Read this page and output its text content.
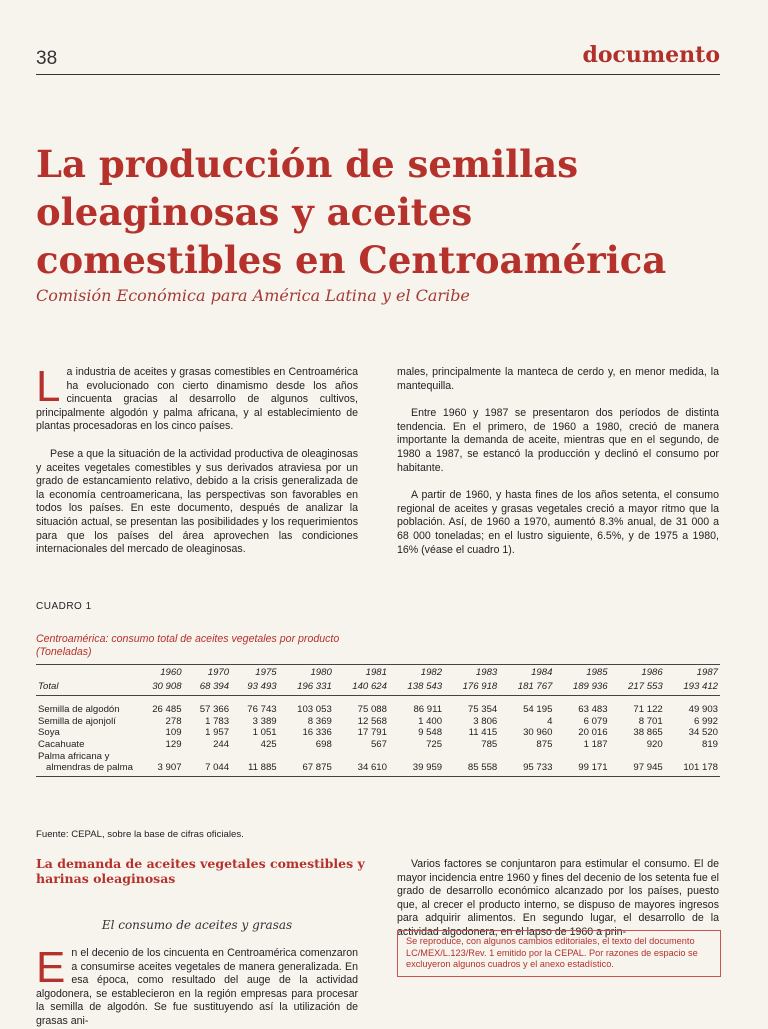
38	documento
La producción de semillas oleaginosas y aceites comestibles en Centroamérica
Comisión Económica para América Latina y el Caribe

La industria de aceites y grasas comestibles en Centroamérica ha evolucionado con cierto dinamismo desde los años cincuenta gracias al desarrollo de algunos cultivos, principalmente algodón y palma africana, y al establecimiento de plantas procesadoras en los cinco países.

Pese a que la situación de la actividad productiva de oleaginosas y aceites vegetales comestibles y sus derivados atraviesa por un grado de estancamiento relativo, debido a la crisis generalizada de la economía centroamericana, las perspectivas son favorables en todos los países. En este documento, después de analizar la situación actual, se presentan las posibilidades y los requerimientos para que los países del área aprovechen las condiciones internacionales del mercado de oleaginosas.

males, principalmente la manteca de cerdo y, en menor medida, la mantequilla.

Entre 1960 y 1987 se presentaron dos períodos de distinta tendencia. En el primero, de 1960 a 1980, creció de manera importante la demanda de aceite, mientras que en el segundo, de 1980 a 1987, se estancó la producción y declinó el consumo por habitante.

A partir de 1960, y hasta fines de los años setenta, el consumo regional de aceites y grasas vegetales creció a mayor ritmo que la población. Así, de 1960 a 1970, aumentó 8.3% anual, de 31 000 a 68 000 toneladas; en el lustro siguiente, 6.5%, y de 1975 a 1980, 16% (véase el cuadro 1).

CUADRO 1
Centroamérica: consumo total de aceites vegetales por producto
(Toneladas)
	1960	1970	1975	1980	1981	1982	1983	1984	1985	1986	1987
Total	30 908	68 394	93 493	196 331	140 624	138 543	176 918	181 767	189 936	217 553	193 412
Semilla de algodón	26 485	57 366	76 743	103 053	75 088	86 911	75 354	54 195	63 483	71 122	49 903
Semilla de ajonjolí	278	1 783	3 389	8 369	12 568	1 400	3 806	4	6 079	8 701	6 992
Soya	109	1 957	1 051	16 336	17 791	9 548	11 415	30 960	20 016	38 865	34 520
Cacahuate	129	244	425	698	567	725	785	875	1 187	920	819
Palma africana y											
almendras de palma	3 907	7 044	11 885	67 875	34 610	39 959	85 558	95 733	99 171	97 945	101 178
Fuente: CEPAL, sobre la base de cifras oficiales.
La demanda de aceites vegetales comestibles y harinas oleaginosas
El consumo de aceites y grasas
En el decenio de los cincuenta en Centroamérica comenzaron a consumirse aceites vegetales de manera generalizada. En esa época, como resultado del auge de la actividad algodonera, se establecieron en la región empresas para procesar la semilla de algodón. Se fue sustituyendo así la utilización de grasas ani-

Varios factores se conjuntaron para estimular el consumo. El de mayor incidencia entre 1960 y fines del decenio de los setenta fue el grado de desarrollo económico alcanzado por los países, puesto que, al crecer el producto interno, se dispuso de mayores ingresos para adquirir alimentos. En segundo lugar, el desarrollo de la actividad algodonera, en el lapso de 1960 a prin-

Se reproduce, con algunos cambios editoriales, el texto del documento LC/MEX/L.123/Rev. 1 emitido por la CEPAL. Por razones de espacio se excluyeron algunos cuadros y el anexo estadístico.
